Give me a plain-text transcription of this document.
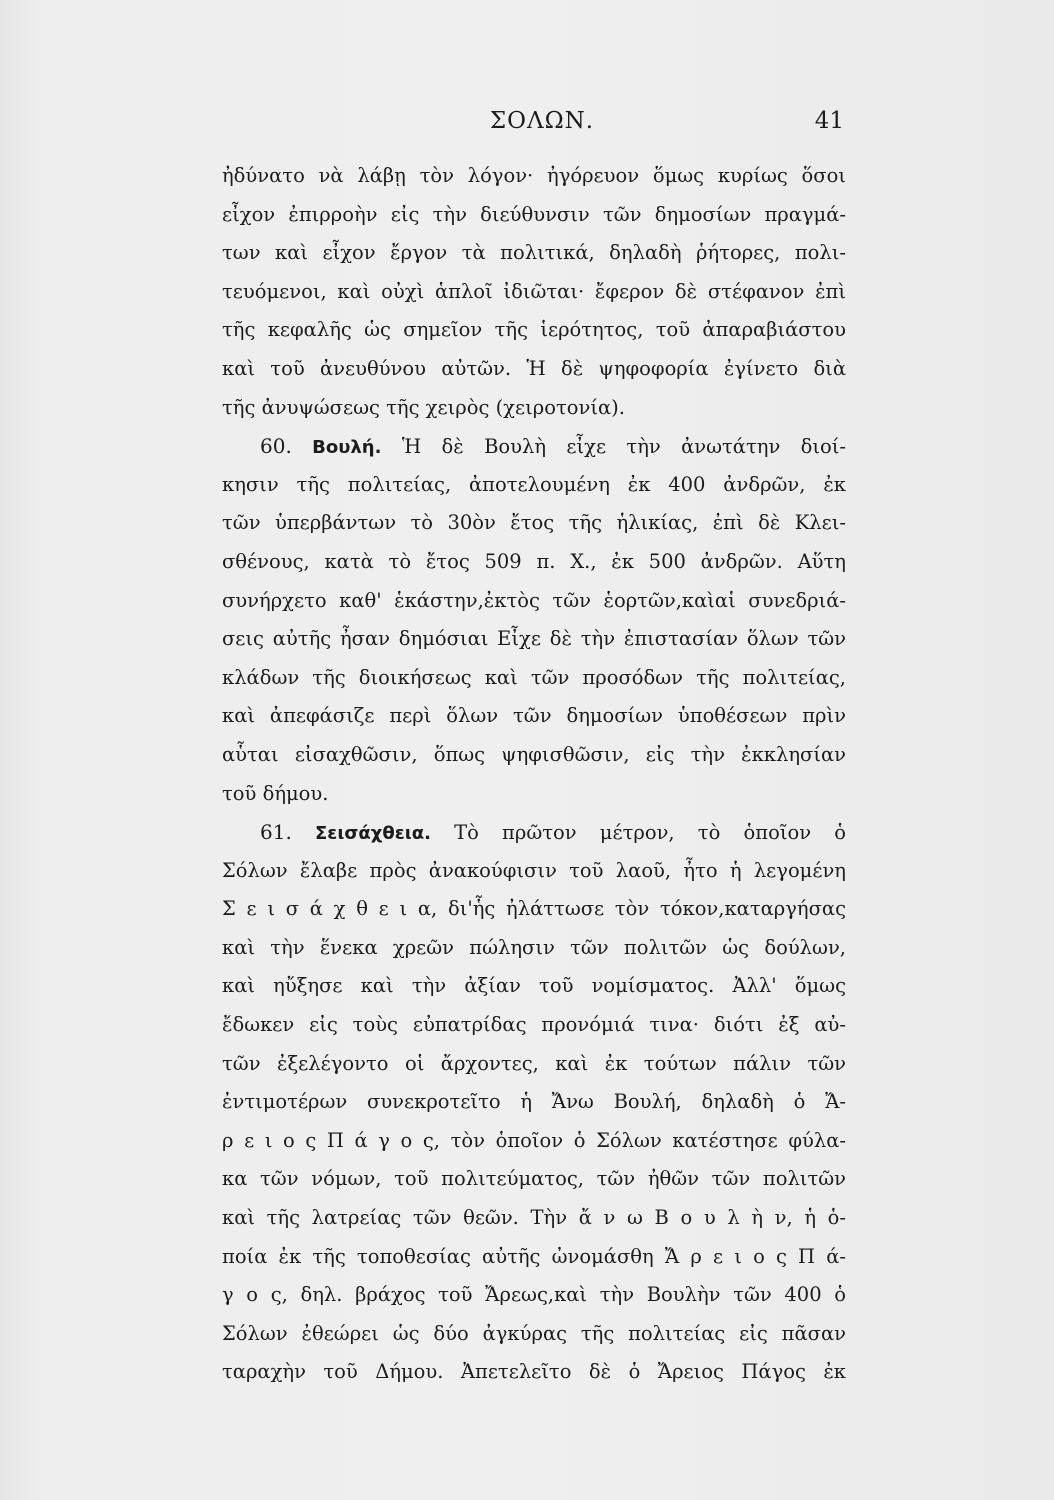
ΣΟΛΩΝ.	41
ἠδύνατο νὰ λάβῃ τὸν λόγον· ἠγόρευον ὅμως κυρίως ὅσοι
εἶχον ἐπιρροὴν εἰς τὴν διεύθυνσιν τῶν δημοσίων πραγμά-
των καὶ εἶχον ἔργον τὰ πολιτικά, δηλαδὴ ῥήτορες, πολι-
τευόμενοι, καὶ οὐχὶ ἁπλοῖ ἰδιῶται· ἔφερον δὲ στέφανον ἐπὶ
τῆς κεφαλῆς ὡς σημεῖον τῆς ἱερότητος, τοῦ ἀπαραβιάστου
καὶ τοῦ ἀνευθύνου αὐτῶν. Ἡ δὲ ψηφοφορία ἐγίνετο διὰ
τῆς ἀνυψώσεως τῆς χειρὸς (χειροτονία).
60. Βουλή. Ἡ δὲ Βουλὴ εἶχε τὴν ἀνωτάτην διοί-
κησιν τῆς πολιτείας, ἀποτελουμένη ἐκ 400 ἀνδρῶν, ἐκ
τῶν ὑπερβάντων τὸ 30ὸν ἔτος τῆς ἡλικίας, ἐπὶ δὲ Κλει-
σθένους, κατὰ τὸ ἔτος 509 π. Χ., ἐκ 500 ἀνδρῶν. Αὕτη
συνήρχετο καθ' ἑκάστην,ἐκτὸς τῶν ἑορτῶν,καὶαἱ συνεδριά-
σεις αὐτῆς ἦσαν δημόσιαι Εἶχε δὲ τὴν ἐπιστασίαν ὅλων τῶν
κλάδων τῆς διοικήσεως καὶ τῶν προσόδων τῆς πολιτείας,
καὶ ἀπεφάσιζε περὶ ὅλων τῶν δημοσίων ὑποθέσεων πρὶν
αὗται εἰσαχθῶσιν, ὅπως ψηφισθῶσιν, εἰς τὴν ἐκκλησίαν
τοῦ δήμου.
61. Σεισάχθεια. Τὸ πρῶτον μέτρον, τὸ ὁποῖον ὁ
Σόλων ἔλαβε πρὸς ἀνακούφισιν τοῦ λαοῦ, ἦτο ἡ λεγομένη
Σ ε ι σ ά χ θ ε ι α, δι'ἧς ἠλάττωσε τὸν τόκον,καταργήσας
καὶ τὴν ἕνεκα χρεῶν πώλησιν τῶν πολιτῶν ὡς δούλων,
καὶ ηὔξησε καὶ τὴν ἀξίαν τοῦ νομίσματος. Ἀλλ' ὅμως
ἔδωκεν εἰς τοὺς εὐπατρίδας προνόμιά τινα· διότι ἐξ αὐ-
τῶν ἐξελέγοντο οἱ ἄρχοντες, καὶ ἐκ τούτων πάλιν τῶν
ἐντιμοτέρων συνεκροτεῖτο ἡ Ἄνω Βουλή, δηλαδὴ ὁ Ἄ-
ρ ε ι ο ς Π ά γ ο ς, τὸν ὁποῖον ὁ Σόλων κατέστησε φύλα-
κα τῶν νόμων, τοῦ πολιτεύματος, τῶν ἠθῶν τῶν πολιτῶν
καὶ τῆς λατρείας τῶν θεῶν. Τὴν ἄ ν ω Β ο υ λ ὴ ν, ἡ ὁ-
ποία ἐκ τῆς τοποθεσίας αὐτῆς ὠνομάσθη Ἄ ρ ε ι ο ς Π ά-
γ ο ς, δηλ. βράχος τοῦ Ἄρεως,καὶ τὴν Βουλὴν τῶν 400 ὁ
Σόλων ἐθεώρει ὡς δύο ἀγκύρας τῆς πολιτείας εἰς πᾶσαν
ταραχὴν τοῦ Δήμου. Ἀπετελεῖτο δὲ ὁ Ἄρειος Πάγος ἐκ
